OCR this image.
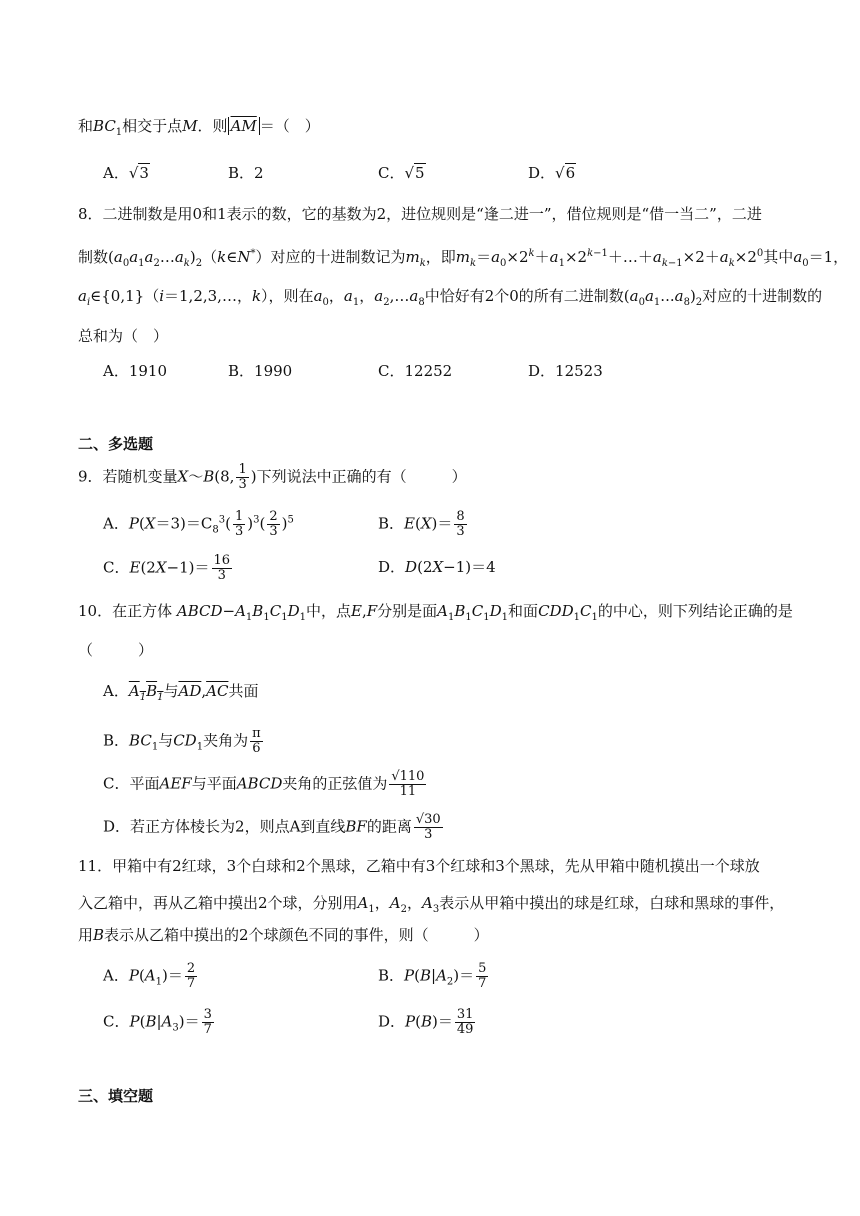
和$BC_1$相交于点M．则 $\overline{AM}$ ＝（　）
A．√3	B．2	C．√5	D．√6
8．二进制数是用0和1表示的数，它的基数为2，进位规则是“逢二进一”，借位规则是“借一当二”，二进
制数$(a_0a_1a_2\dots a_k)_2(k\in N^*)$对应的十进制数记为$m_k$，即$m_k=a_0\times 2^k+a_1\times 2^{k-1}+\dots+a_{k-1}\times 2+a_k\times 2^0$其中$a_0=1$，
$a_i\in\{0,1\}(i=1,2,3,\dots$，k），则在$a_0$，$a_1$，$a_2,\dots a_8$中恰好有2个0的所有二进制数$(a_0a_1...a_8)_2$对应的十进制数的
总和为（　）
A．1910	B．1990	C．12252	D．12523
二、多选题
9．若随机变量X～B(8, $\frac{1}{3}$ )下列说法中正确的有（　　　）
A．$P(X=3)=C_8^3( \frac{1}{3} )^3( \frac{2}{3} )^5$	B．$E(X)= \frac{8}{3}$
C．$E(2X-1)= \frac{16}{3}$	D．D(2X−1)＝4
10．在正方体 $ABCD-A_1B_1C_1D_1$中，点E,F分别是面$A_1B_1C_1D_1$和面$CDD_1C_1$的中心，则下列结论正确的是
（　　　）
A．$A_1B_1$与$\overline{AD},\overline{AC}$共面
B．$BC_1$与$CD_1$夹角为 $\frac{\pi}{6}$
C．平面AEF与平面ABCD夹角的正弦值为 $\frac{√110}{11}$
D．若正方体棱长为2，则点A到直线BF的距离 $\frac{√30}{3}$
11．甲箱中有2红球，3个白球和2个黑球，乙箱中有3个红球和3个黑球，先从甲箱中随机摸出一个球放
入乙箱中，再从乙箱中摸出2个球，分别用$A_1$，$A_2$，$A_3$表示从甲箱中摸出的球是红球，白球和黑球的事件，
用B表示从乙箱中摸出的2个球颜色不同的事件，则（　　　）
A．$P(A_1)= \frac{2}{7}$	B．$P(B|A_2)= \frac{5}{7}$
C．$P(B|A_3)= \frac{3}{7}$	D．$P(B)= \frac{31}{49}$
三、填空题
